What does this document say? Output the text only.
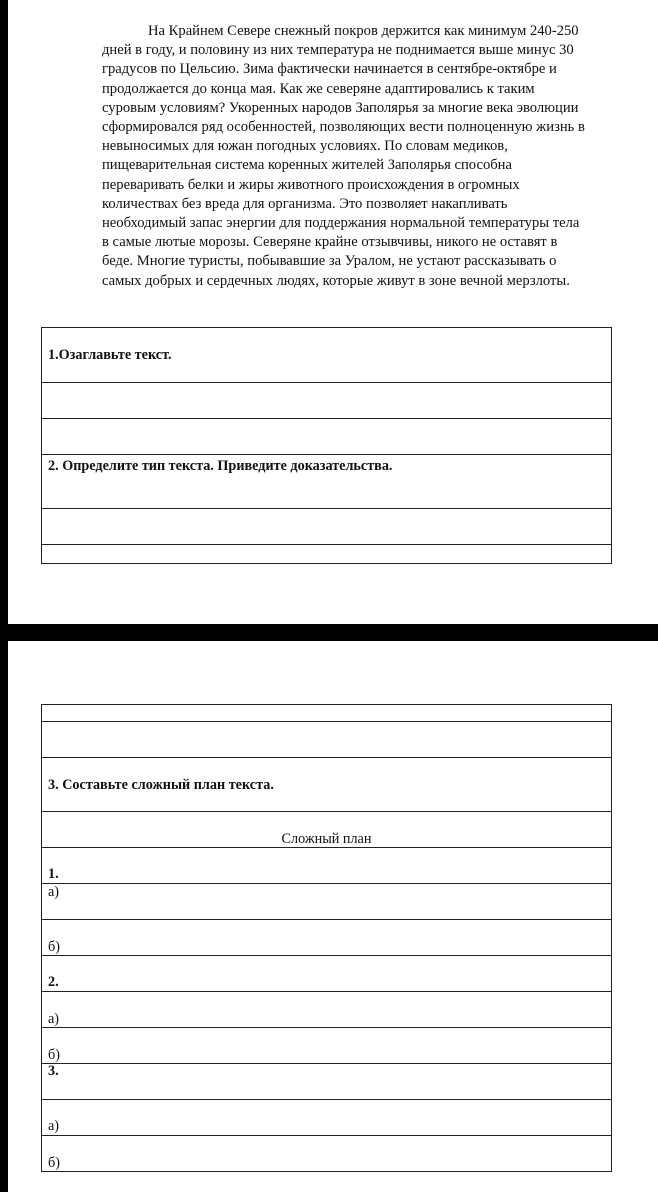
На Крайнем Севере снежный покров держится как минимум 240-250
дней в году, и половину из них температура не поднимается выше минус 30
градусов по Цельсию. Зима фактически начинается в сентябре-октябре и
продолжается до конца мая. Как же северяне адаптировались к таким
суровым условиям? Укоренных народов Заполярья за многие века эволюции
сформировался ряд особенностей, позволяющих вести полноценную жизнь в
невыносимых для южан погодных условиях. По словам медиков,
пищеварительная система коренных жителей Заполярья способна
переваривать белки и жиры животного происхождения в огромных
количествах без вреда для организма. Это позволяет накапливать
необходимый запас энергии для поддержания нормальной температуры тела
в самые лютые морозы. Северяне крайне отзывчивы, никого не оставят в
беде. Многие туристы, побывавшие за Уралом, не устают рассказывать о
самых добрых и сердечных людях, которые живут в зоне вечной мерзлоты.
1.Озаглавьте текст.
2. Определите тип текста. Приведите доказательства.
3. Составьте сложный план текста.
Сложный план
1.
а)
б)
2.
а)
б)
3.
а)
б)
